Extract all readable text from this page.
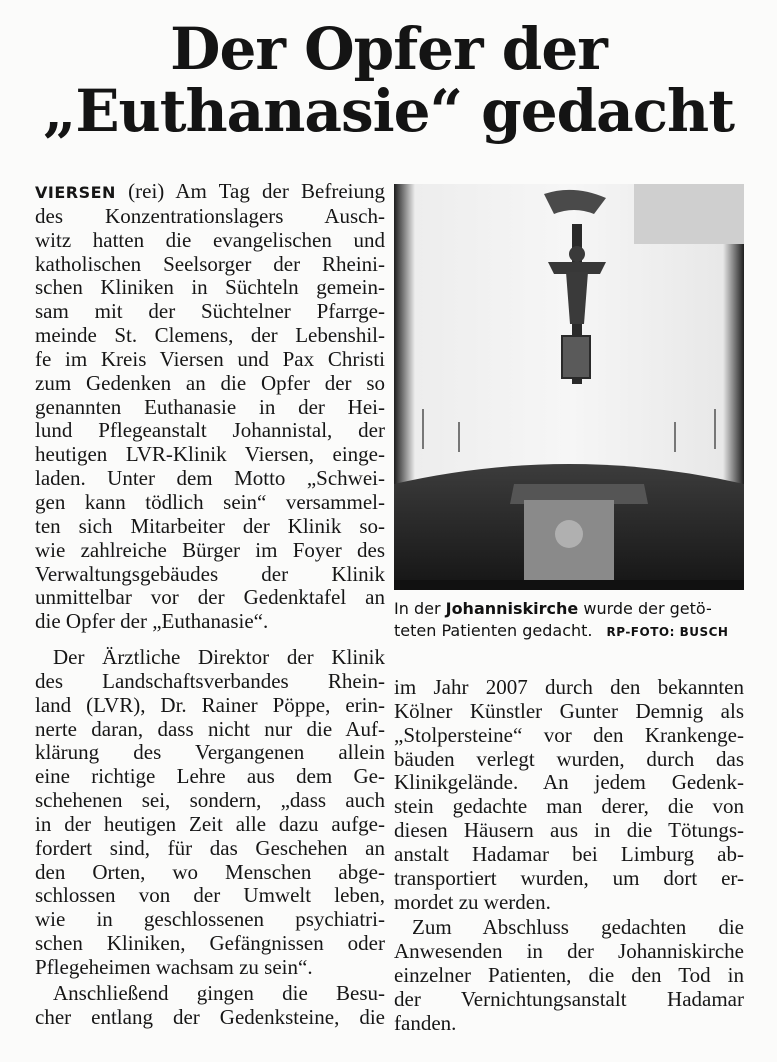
Der Opfer der
„Euthanasie“ gedacht
VIERSEN (rei) Am Tag der Befreiung
des Konzentrationslagers Ausch-
witz hatten die evangelischen und
katholischen Seelsorger der Rheini-
schen Kliniken in Süchteln gemein-
sam mit der Süchtelner Pfarrge-
meinde St. Clemens, der Lebenshil-
fe im Kreis Viersen und Pax Christi
zum Gedenken an die Opfer der so
genannten Euthanasie in der Hei-
lund Pflegeanstalt Johannistal, der
heutigen LVR-Klinik Viersen, einge-
laden. Unter dem Motto „Schwei-
gen kann tödlich sein“ versammel-
ten sich Mitarbeiter der Klinik so-
wie zahlreiche Bürger im Foyer des
Verwaltungsgebäudes der Klinik
unmittelbar vor der Gedenktafel an
die Opfer der „Euthanasie“.
Der Ärztliche Direktor der Klinik
des Landschaftsverbandes Rhein-
land (LVR), Dr. Rainer Pöppe, erin-
nerte daran, dass nicht nur die Auf-
klärung des Vergangenen allein
eine richtige Lehre aus dem Ge-
schehenen sei, sondern, „dass auch
in der heutigen Zeit alle dazu aufge-
fordert sind, für das Geschehen an
den Orten, wo Menschen abge-
schlossen von der Umwelt leben,
wie in geschlossenen psychiatri-
schen Kliniken, Gefängnissen oder
Pflegeheimen wachsam zu sein“.
Anschließend gingen die Besu-
cher entlang der Gedenksteine, die
In der Johanniskirche wurde der getö-
teten Patienten gedacht. RP-FOTO: BUSCH
im Jahr 2007 durch den bekannten
Kölner Künstler Gunter Demnig als
„Stolpersteine“ vor den Krankenge-
bäuden verlegt wurden, durch das
Klinikgelände. An jedem Gedenk-
stein gedachte man derer, die von
diesen Häusern aus in die Tötungs-
anstalt Hadamar bei Limburg ab-
transportiert wurden, um dort er-
mordet zu werden.
Zum Abschluss gedachten die
Anwesenden in der Johanniskirche
einzelner Patienten, die den Tod in
der Vernichtungsanstalt Hadamar
fanden.
